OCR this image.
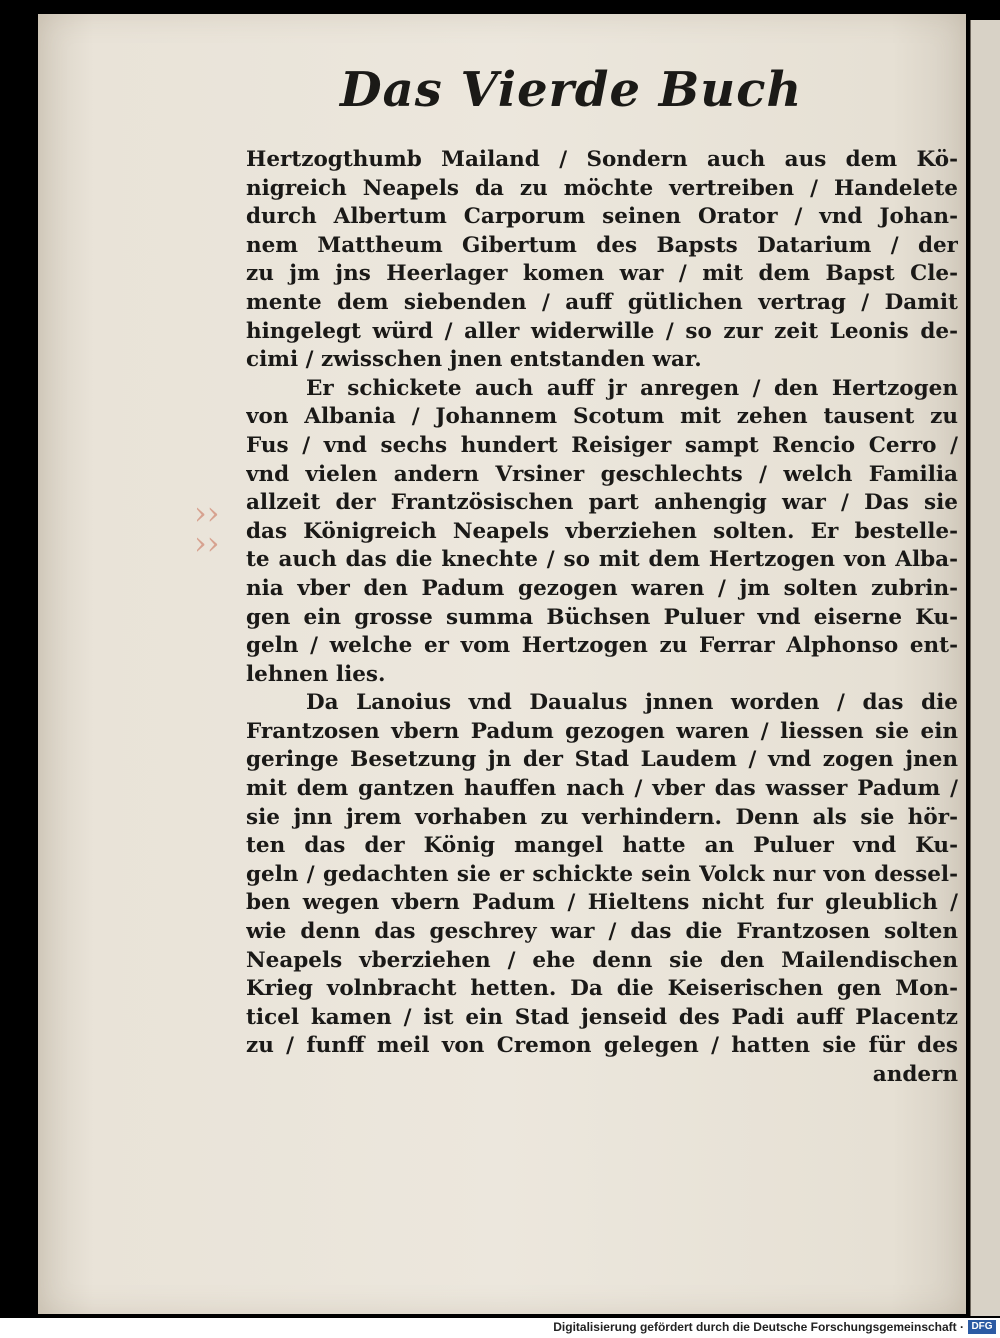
Das Vierde Buch
››
››
Hertzogthumb Mailand / Sondern auch aus dem Kö-
nigreich Neapels da zu möchte vertreiben / Handelete
durch Albertum Carporum seinen Orator / vnd Johan-
nem Mattheum Gibertum des Bapsts Datarium / der
zu jm jns Heerlager komen war / mit dem Bapst Cle-
mente dem siebenden / auff gütlichen vertrag / Damit
hingelegt würd / aller widerwille / so zur zeit Leonis de-
cimi / zwisschen jnen entstanden war.
Er schickete auch auff jr anregen / den Hertzogen
von Albania / Johannem Scotum mit zehen tausent zu
Fus / vnd sechs hundert Reisiger sampt Rencio Cerro /
vnd vielen andern Vrsiner geschlechts / welch Familia
allzeit der Frantzösischen part anhengig war / Das sie
das Königreich Neapels vberziehen solten. Er bestelle-
te auch das die knechte / so mit dem Hertzogen von Alba-
nia vber den Padum gezogen waren / jm solten zubrin-
gen ein grosse summa Büchsen Puluer vnd eiserne Ku-
geln / welche er vom Hertzogen zu Ferrar Alphonso ent-
lehnen lies.
Da Lanoius vnd Daualus jnnen worden / das die
Frantzosen vbern Padum gezogen waren / liessen sie ein
geringe Besetzung jn der Stad Laudem / vnd zogen jnen
mit dem gantzen hauffen nach / vber das wasser Padum /
sie jnn jrem vorhaben zu verhindern. Denn als sie hör-
ten das der König mangel hatte an Puluer vnd Ku-
geln / gedachten sie er schickte sein Volck nur von dessel-
ben wegen vbern Padum / Hieltens nicht fur gleublich /
wie denn das geschrey war / das die Frantzosen solten
Neapels vberziehen / ehe denn sie den Mailendischen
Krieg volnbracht hetten. Da die Keiserischen gen Mon-
ticel kamen / ist ein Stad jenseid des Padi auff Placentz
zu / funff meil von Cremon gelegen / hatten sie für des
andern
Digitalisierung gefördert durch die Deutsche Forschungsgemeinschaft · DFG
